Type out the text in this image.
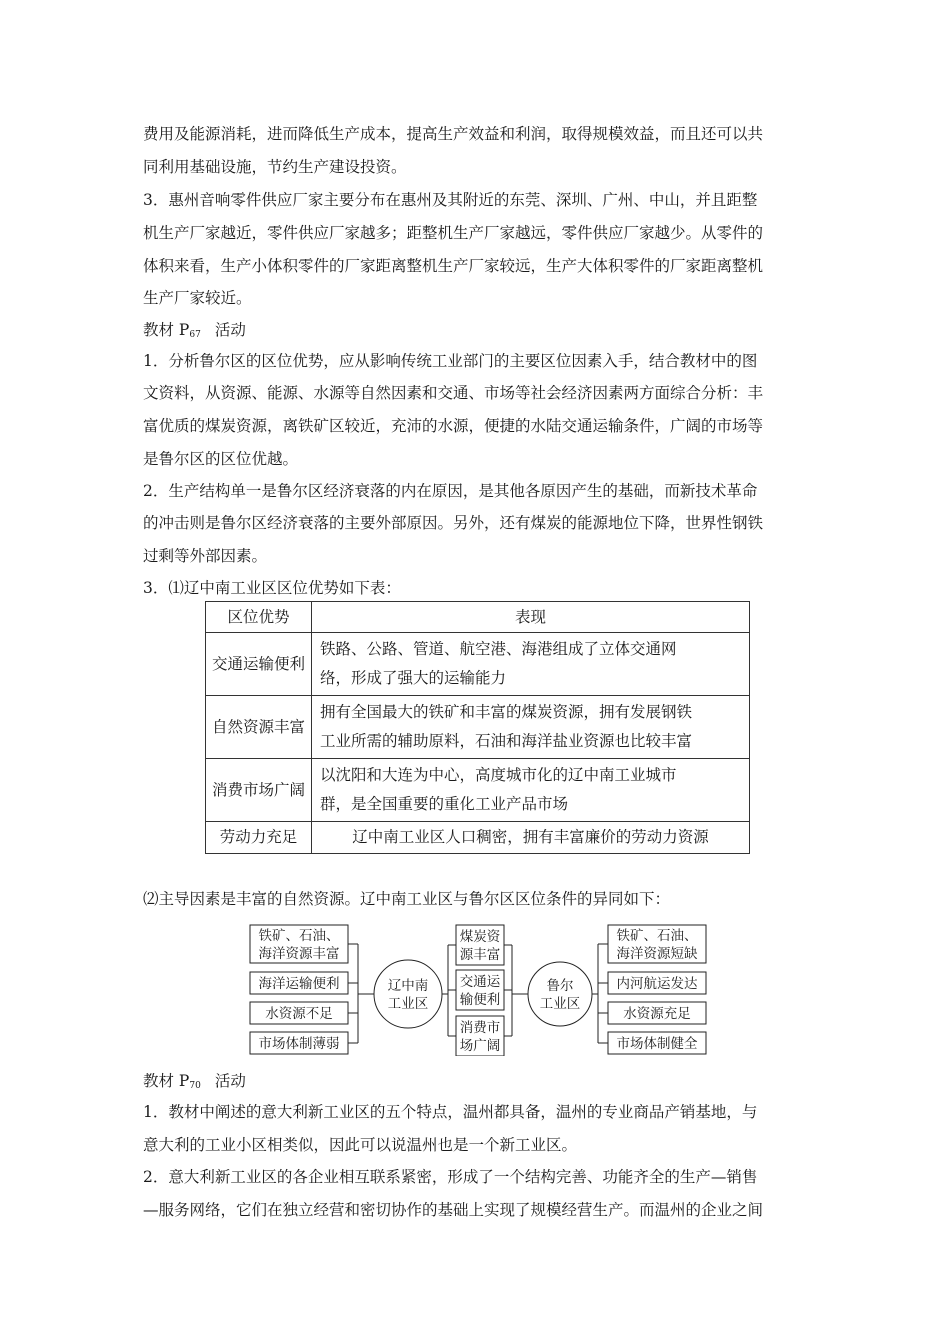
费用及能源消耗，进而降低生产成本，提高生产效益和利润，取得规模效益，而且还可以共
同利用基础设施，节约生产建设投资。
3．惠州音响零件供应厂家主要分布在惠州及其附近的东莞、深圳、广州、中山，并且距整
机生产厂家越近，零件供应厂家越多；距整机生产厂家越远，零件供应厂家越少。从零件的
体积来看，生产小体积零件的厂家距离整机生产厂家较远，生产大体积零件的厂家距离整机
生产厂家较近。
教材 $P_{67}$ 活动
1．分析鲁尔区的区位优势，应从影响传统工业部门的主要区位因素入手，结合教材中的图
文资料，从资源、能源、水源等自然因素和交通、市场等社会经济因素两方面综合分析：丰
富优质的煤炭资源，离铁矿区较近，充沛的水源，便捷的水陆交通运输条件，广阔的市场等
是鲁尔区的区位优越。
2．生产结构单一是鲁尔区经济衰落的内在原因，是其他各原因产生的基础，而新技术革命
的冲击则是鲁尔区经济衰落的主要外部原因。另外，还有煤炭的能源地位下降，世界性钢铁
过剩等外部因素。
3．⑴辽中南工业区区位优势如下表：
区位优势	表现
交通运输便利	铁路、公路、管道、航空港、海港组成了立体交通网
络，形成了强大的运输能力

自然资源丰富	拥有全国最大的铁矿和丰富的煤炭资源，拥有发展钢铁
工业所需的辅助原料，石油和海洋盐业资源也比较丰富

消费市场广阔	以沈阳和大连为中心，高度城市化的辽中南工业城市
群，是全国重要的重化工业产品市场

劳动力充足	辽中南工业区人口稠密，拥有丰富廉价的劳动力资源
⑵主导因素是丰富的自然资源。辽中南工业区与鲁尔区区位条件的异同如下：
铁矿、石油、
海洋资源丰富
海洋运输便利
水资源不足
市场体制薄弱
辽中南
工业区
煤炭资
源丰富
交通运
输便利
消费市
场广阔
鲁尔
工业区
铁矿、石油、
海洋资源短缺
内河航运发达
水资源充足
市场体制健全
教材 $P_{70}$ 活动
1．教材中阐述的意大利新工业区的五个特点，温州都具备，温州的专业商品产销基地，与
意大利的工业小区相类似，因此可以说温州也是一个新工业区。
2．意大利新工业区的各企业相互联系紧密，形成了一个结构完善、功能齐全的生产—销售
—服务网络，它们在独立经营和密切协作的基础上实现了规模经营生产。而温州的企业之间
